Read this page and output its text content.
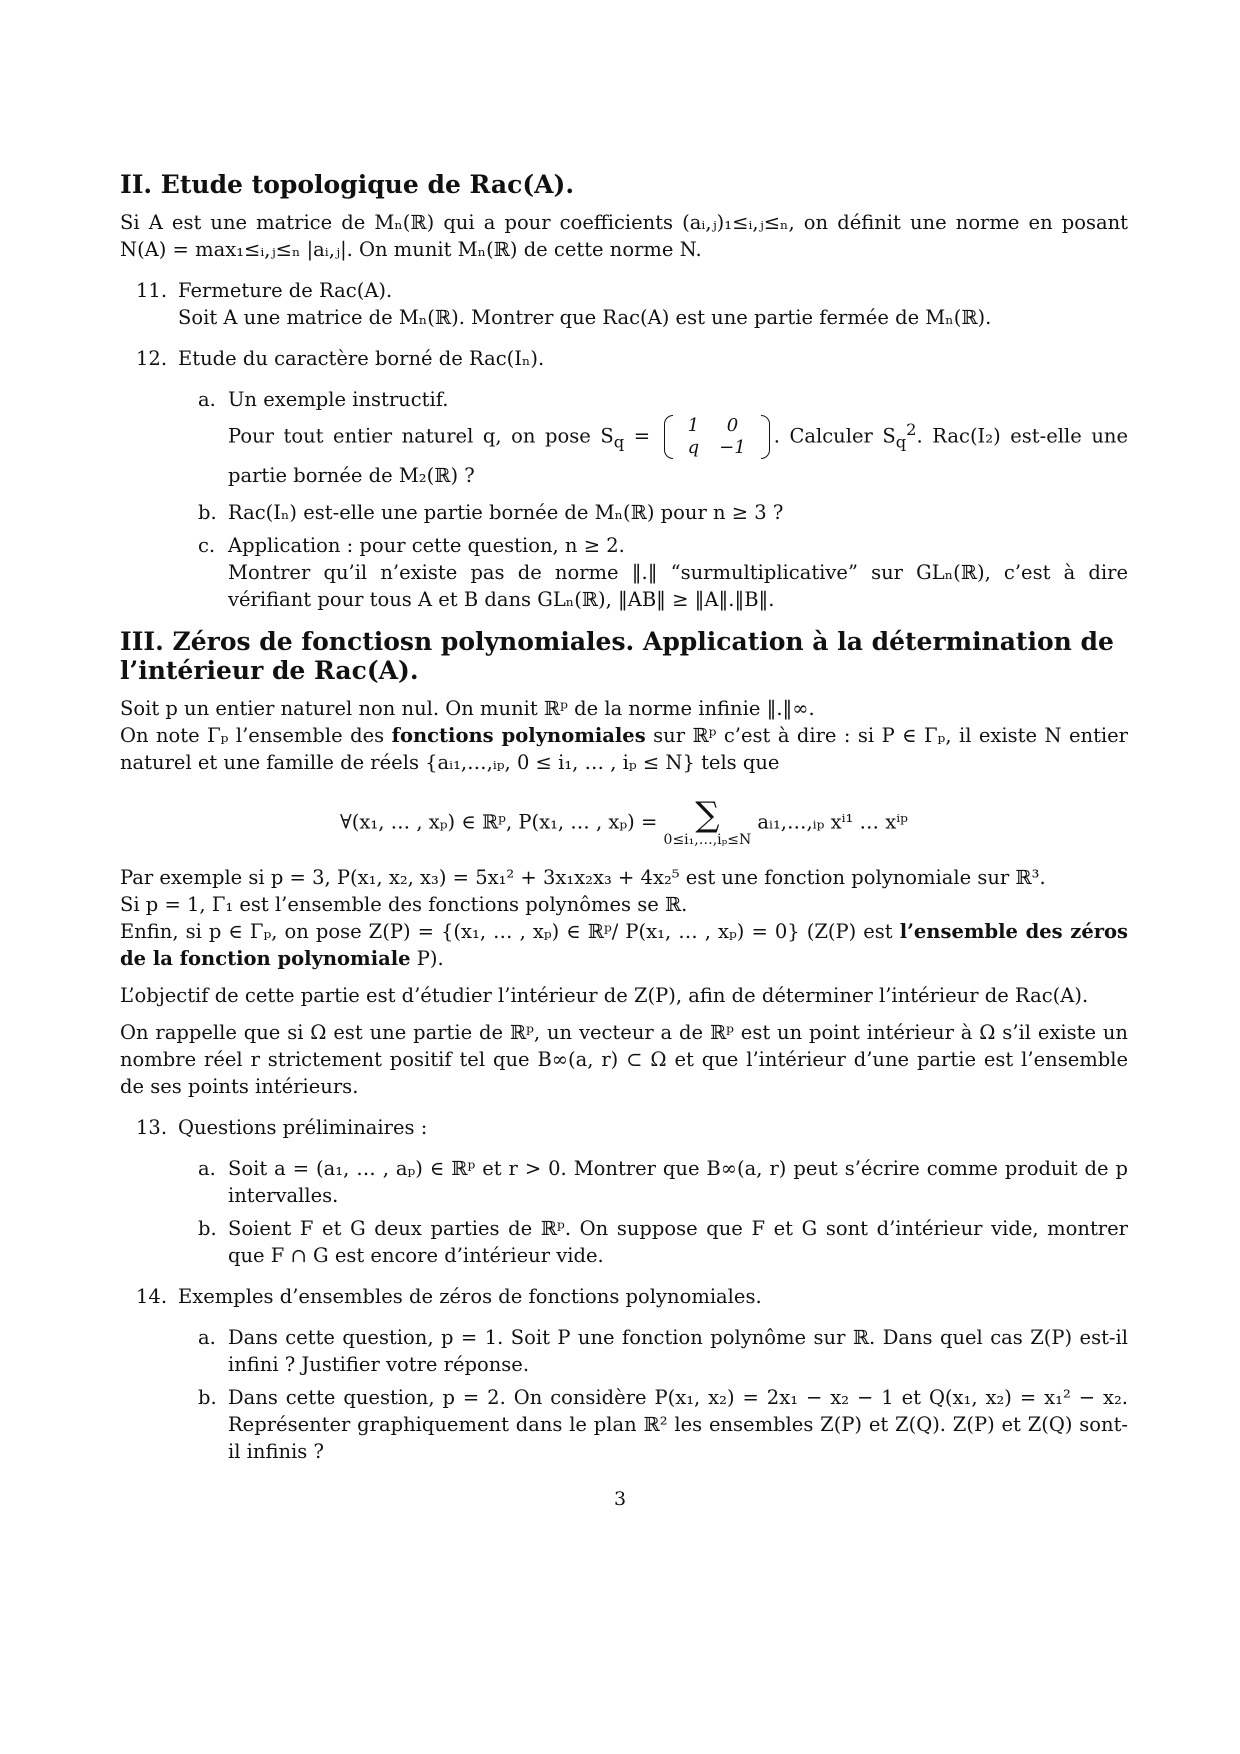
II. Etude topologique de Rac(A).

Si A est une matrice de Mₙ(ℝ) qui a pour coefficients (aᵢ,ⱼ)₁≤ᵢ,ⱼ≤ₙ, on définit une norme en posant N(A) = max₁≤ᵢ,ⱼ≤ₙ |aᵢ,ⱼ|. On munit Mₙ(ℝ) de cette norme N.

11. Fermeture de Rac(A).
Soit A une matrice de Mₙ(ℝ). Montrer que Rac(A) est une partie fermée de Mₙ(ℝ).
12. Etude du caractère borné de Rac(Iₙ).
a. Un exemple instructif.
Pour tout entier naturel q, on pose $S_q = 1$	0
q	−1 . Calculer $S_q^2$. Rac(I₂) est-elle une partie bornée de M₂(ℝ) ?
b. Rac(Iₙ) est-elle une partie bornée de Mₙ(ℝ) pour n ≥ 3 ?
c. Application : pour cette question, n ≥ 2.
Montrer qu’il n’existe pas de norme ‖.‖ “surmultiplicative” sur GLₙ(ℝ), c’est à dire vérifiant pour tous A et B dans GLₙ(ℝ), ‖AB‖ ≥ ‖A‖.‖B‖.
III. Zéros de fonctiosn polynomiales. Application à la détermination de l’intérieur de Rac(A).

Soit p un entier naturel non nul. On munit ℝᵖ de la norme infinie ‖.‖∞.

On note Γₚ l’ensemble des fonctions polynomiales sur ℝᵖ c’est à dire : si P ∈ Γₚ, il existe N entier naturel et une famille de réels {aᵢ₁,…,ᵢₚ, 0 ≤ i₁, … , iₚ ≤ N} tels que

∀(x₁, … , xₚ) ∈ ℝᵖ, P(x₁, … , xₚ) =	∑
0≤i₁,…,iₚ≤N
aᵢ₁,…,ᵢₚ xⁱ¹ … xⁱᵖ

Par exemple si p = 3, P(x₁, x₂, x₃) = 5x₁² + 3x₁x₂x₃ + 4x₂⁵ est une fonction polynomiale sur ℝ³.

Si p = 1, Γ₁ est l’ensemble des fonctions polynômes se ℝ.

Enfin, si p ∈ Γₚ, on pose Z(P) = {(x₁, … , xₚ) ∈ ℝᵖ/ P(x₁, … , xₚ) = 0} (Z(P) est l’ensemble des zéros de la fonction polynomiale P).

L’objectif de cette partie est d’étudier l’intérieur de Z(P), afin de déterminer l’intérieur de Rac(A).

On rappelle que si Ω est une partie de ℝᵖ, un vecteur a de ℝᵖ est un point intérieur à Ω s’il existe un nombre réel r strictement positif tel que B∞(a, r) ⊂ Ω et que l’intérieur d’une partie est l’ensemble de ses points intérieurs.

13. Questions préliminaires :
a. Soit a = (a₁, … , aₚ) ∈ ℝᵖ et r > 0. Montrer que B∞(a, r) peut s’écrire comme produit de p intervalles.
b. Soient F et G deux parties de ℝᵖ. On suppose que F et G sont d’intérieur vide, montrer que F ∩ G est encore d’intérieur vide.
14. Exemples d’ensembles de zéros de fonctions polynomiales.
a. Dans cette question, p = 1. Soit P une fonction polynôme sur ℝ. Dans quel cas Z(P) est-il infini ? Justifier votre réponse.
b. Dans cette question, p = 2. On considère P(x₁, x₂) = 2x₁ − x₂ − 1 et Q(x₁, x₂) = x₁² − x₂. Représenter graphiquement dans le plan ℝ² les ensembles Z(P) et Z(Q). Z(P) et Z(Q) sont-il infinis ?
3
